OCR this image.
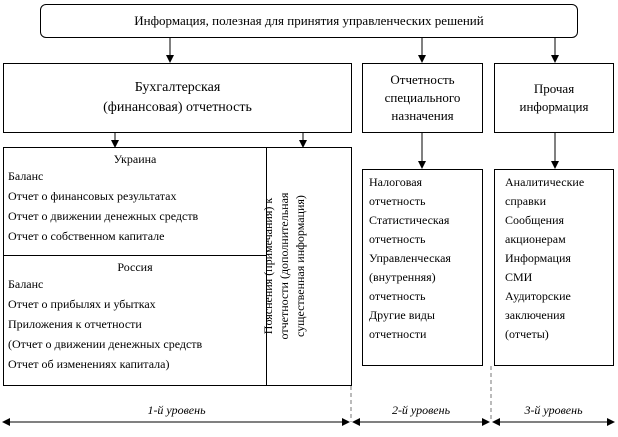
Информация, полезная для принятия управленческих решений
Бухгалтерская
(финансовая) отчетность
Отчетность
специального
назначения
Прочая
информация
Украина
Баланс
Отчет о финансовых результатах
Отчет о движении денежных средств
Отчет о собственном капитале
Россия
Баланс
Отчет о прибылях и убытках
Приложения к отчетности
(Отчет о движении денежных средств
Отчет об изменениях капитала)
Пояснения (примечания) к отчетности (дополнительная существенная информация)
Налоговая
отчетность
Статистическая
отчетность
Управленческая
(внутренняя)
отчетность
Другие виды
отчетности
Аналитические
справки
Сообщения
акционерам
Информация
СМИ
Аудиторские
заключения
(отчеты)
1-й уровень	2-й уровень	3-й уровень
